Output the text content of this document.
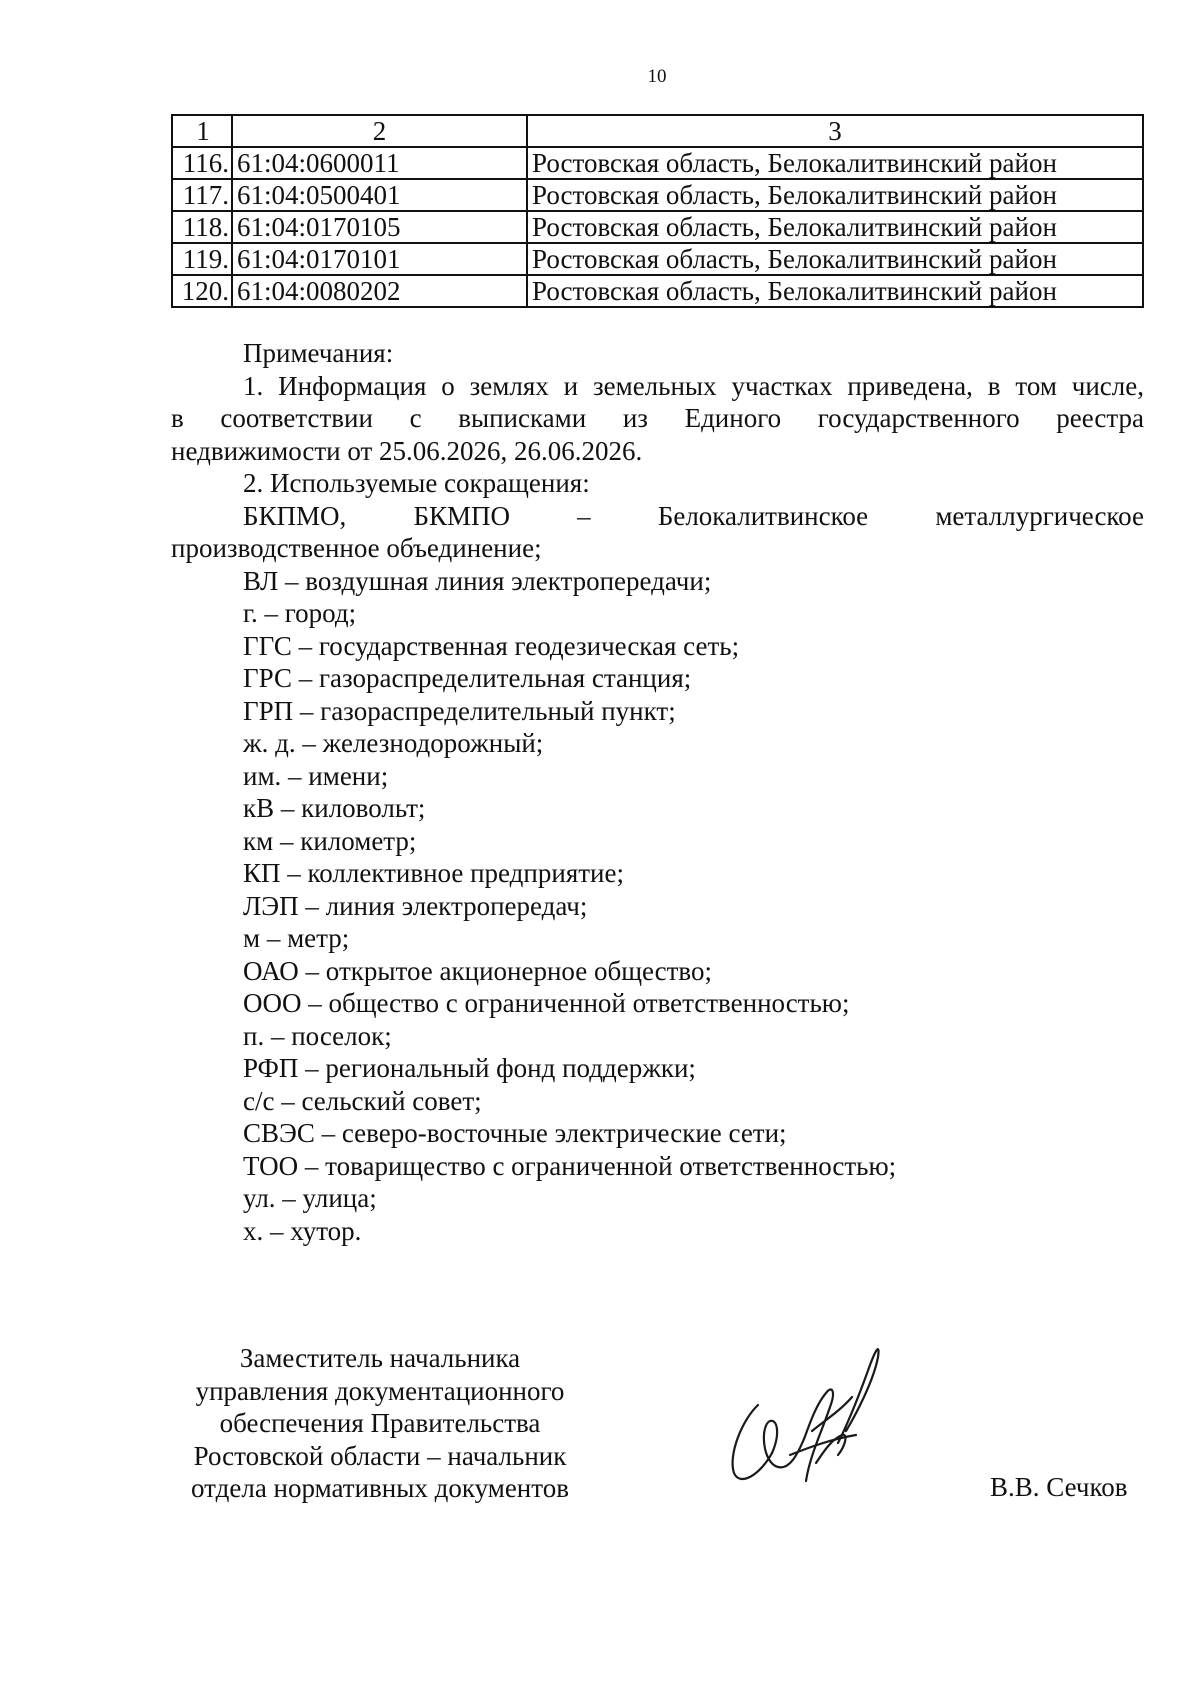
10
1	2	3
116.	61:04:0600011	Ростовская область, Белокалитвинский район
117.	61:04:0500401	Ростовская область, Белокалитвинский район
118.	61:04:0170105	Ростовская область, Белокалитвинский район
119.	61:04:0170101	Ростовская область, Белокалитвинский район
120.	61:04:0080202	Ростовская область, Белокалитвинский район

Примечания:

1. Информация о землях и земельных участках приведена, в том числе,

в соответствии с выписками из Единого государственного реестра

недвижимости от 25.06.2026, 26.06.2026.

2. Используемые сокращения:

БКПМО, БКМПО – Белокалитвинское металлургическое

производственное объединение;

ВЛ – воздушная линия электропередачи;

г. – город;

ГГС – государственная геодезическая сеть;

ГРС – газораспределительная станция;

ГРП – газораспределительный пункт;

ж. д. – железнодорожный;

им. – имени;

кВ – киловольт;

км – километр;

КП – коллективное предприятие;

ЛЭП – линия электропередач;

м – метр;

ОАО – открытое акционерное общество;

ООО – общество с ограниченной ответственностью;

п. – поселок;

РФП – региональный фонд поддержки;

с/с – сельский совет;

СВЭС – северо-восточные электрические сети;

ТОО – товарищество с ограниченной ответственностью;

ул. – улица;

х. – хутор.

Заместитель начальника
управления документационного
обеспечения Правительства
Ростовской области – начальник
отдела нормативных документов	В.В. Сечков
